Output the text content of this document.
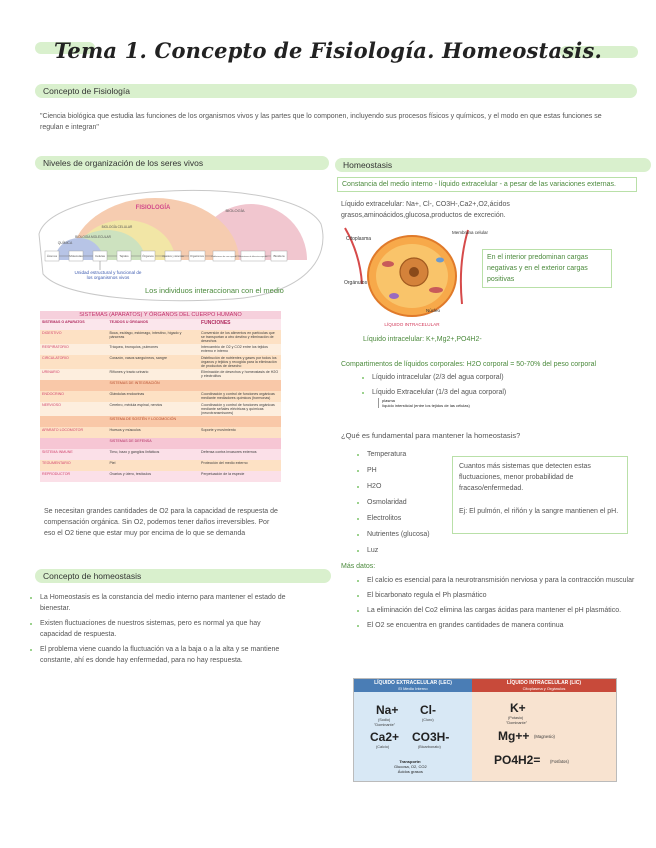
Tema 1. Concepto de Fisiología. Homeostasis.
Concepto de Fisiología
"Ciencia biológica que estudia las funciones de los organismos vivos y las partes que lo componen, incluyendo sus procesos físicos y químicos, y el modo en que estas funciones se regulan e integran"
Niveles de organización de los seres vivos
FISIOLOGÍA	BIOLOGÍA
BIOLOGÍA CELULAR
BIOLOGÍA MOLECULAR
QUÍMICA
Átomos	Moléculas	Células	Tejidos	Órganos	Aparatos y sistemas	Organismos	Poblaciones de una especie	Ecosistemas de diferentes especies Biósfera
Unidad estructural y funcional de los organismos vivos
Los individuos interaccionan con el medio
SISTEMAS (APARATOS) Y ÓRGANOS DEL CUERPO HUMANO
SISTEMAS O APARATOS	TEJIDOS U ÓRGANOS	FUNCIONES
DIGESTIVO	Boca, esófago, estómago, intestino, hígado y páncreas	Conversión de los alimentos en partículas que se transportan a otro destino y eliminación de desechos
RESPIRATORIO	Tráquea, bronquios, pulmones	Intercambio de O2 y CO2 entre los tejidos externo e interno
CIRCULATORIO	Corazón, vasos sanguíneos, sangre	Distribución de nutrientes y gases por todos los órganos y tejidos y recogida para la eliminación de productos de desecho
URINARIO	Riñones y tracto urinario	Eliminación de desechos y homeostasis de H2O y electrolitos
	SISTEMAS DE INTEGRACIÓN	
ENDOCRINO	Glándulas endocrinas	Coordinación y control de funciones orgánicas mediante mediadores químicos (hormonas)
NERVIOSO	Cerebro, médula espinal, nervios	Coordinación y control de funciones orgánicas mediante señales eléctricas y químicas (neurotransmisores)
	SISTEMA DE SOSTÉN Y LOCOMOCIÓN	
APARATO LOCOMOTOR	Huesos y músculos	Soporte y movimiento
	SISTEMAS DE DEFENSA	
SISTEMA INMUNE	Timo, bazo y ganglios linfáticos	Defensa contra invasores externos
TEGUMENTARIO	Piel	Protección del medio externo
REPRODUCTOR	Ovarios y útero, testículos	Perpetuación de la especie
Se necesitan grandes cantidades de O2 para la capacidad de respuesta de compensación orgánica. Sin O2, podemos tener daños irreversibles. Por eso el O2 tiene que estar muy por encima de lo que se demanda
Concepto de homeostasis
• La Homeostasis es la constancia del medio interno para mantener el estado de bienestar.
• Existen fluctuaciones de nuestros sistemas, pero es normal ya que hay capacidad de respuesta.
• El problema viene cuando la fluctuación va a la baja o a la alta y se mantiene constante, ahí es donde hay enfermedad, para no hay respuesta.
Homeostasis
Constancia del medio interno - líquido extracelular - a pesar de las variaciones externas.
Líquido extracelular: Na+, Cl-, CO3H-,Ca2+,O2,ácidos grasos,aminoácidos,glucosa,productos de excreción.
Citoplasma
Membrana celular
Orgánulos
Núcleo
LÍQUIDO INTRACELULAR
En el interior predominan cargas negativas y en el exterior cargas positivas
Líquido intracelular: K+,Mg2+,PO4H2-
Compartimentos de líquidos corporales: H2O corporal = 50-70% del peso corporal
• Líquido intracelular (2/3 del agua corporal)
• Líquido Extracelular (1/3 del agua corporal)
plasma
líquido intersticial (entre los tejidos de las células)
¿Qué es fundamental para mantener la homeostasis?
• Temperatura
• PH
• H2O
• Osmolaridad
• Electrolitos
• Nutrientes (glucosa)
• Luz
Cuantos más sistemas que detecten estas fluctuaciones, menor probabilidad de fracaso/enfermedad.
Ej: El pulmón, el riñón y la sangre mantienen el pH.
Más datos:
• El calcio es esencial para la neurotransmisión nerviosa y para la contracción muscular
• El bicarbonato regula el Ph plasmático
• La eliminación del Co2 elimina las cargas ácidas para mantener el pH plasmático.
• El O2 se encuentra en grandes cantidades de manera continua
LÍQUIDO EXTRACELULAR (LEC)
El Medio Interno
Na+
(Sodio)
"Dominante"
Cl-
(Cloro)
Ca2+
(Calcio)
CO3H-
(Bicarbonato)
Transporte:
Glucosa, O2, CO2
Ácidos grasos
LÍQUIDO INTRACELULAR (LIC)
Citoplasma y Orgánulos
K+
(Potasio)
"Dominante"
Mg++ (Magnesio)
PO4H2= (Fosfatos)
